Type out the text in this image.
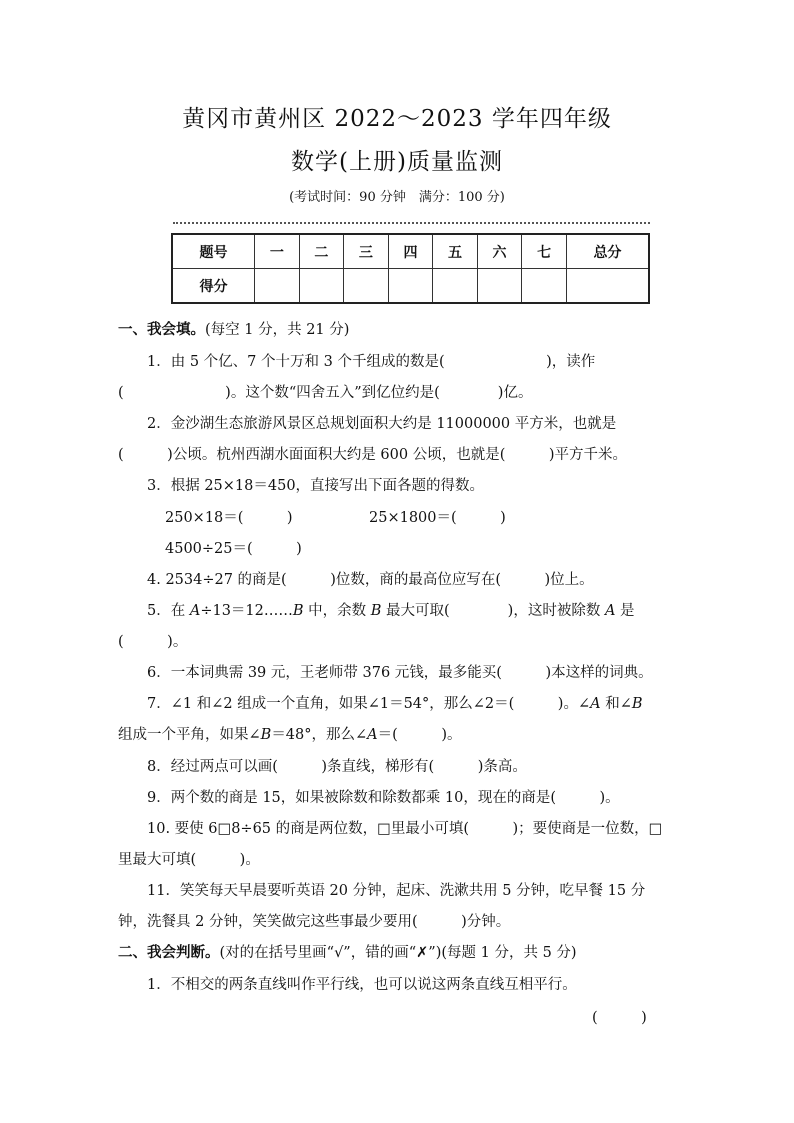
黄冈市黄州区 2022～2023 学年四年级
数学(上册)质量监测
(考试时间：90 分钟　满分：100 分)
题号	一	二	三	四	五	六	七	总分
得分								
一、我会填。(每空 1 分，共 21 分)
1．由 5 个亿、7 个十万和 3 个千组成的数是(　　　　　　　)，读作
(　　　　　　　)。这个数“四舍五入”到亿位约是(　　　　)亿。
2．金沙湖生态旅游风景区总规划面积大约是 11000000 平方米，也就是
(　　　)公顷。杭州西湖水面面积大约是 600 公顷，也就是(　　　)平方千米。
3．根据 25×18＝450，直接写出下面各题的得数。
250×18＝(　　　)	25×1800＝(　　　)
4500÷25＝(　　　)
4. 2534÷27 的商是(　　　)位数，商的最高位应写在(　　　)位上。
5．在 A÷13＝12……B 中，余数 B 最大可取(　　　　)，这时被除数 A 是
(　　　)。
6．一本词典需 39 元，王老师带 376 元钱，最多能买(　　　)本这样的词典。
7．∠1 和∠2 组成一个直角，如果∠1＝54°，那么∠2＝(　　　)。∠A 和∠B
组成一个平角，如果∠B＝48°，那么∠A＝(　　　)。
8．经过两点可以画(　　　)条直线，梯形有(　　　)条高。
9．两个数的商是 15，如果被除数和除数都乘 10，现在的商是(　　　)。
10. 要使 6□8÷65 的商是两位数，□里最小可填(　　　)；要使商是一位数，□
里最大可填(　　　)。
11．笑笑每天早晨要听英语 20 分钟，起床、洗漱共用 5 分钟，吃早餐 15 分
钟，洗餐具 2 分钟，笑笑做完这些事最少要用(　　　)分钟。
二、我会判断。(对的在括号里画“√”，错的画“✗”)(每题 1 分，共 5 分)
1．不相交的两条直线叫作平行线，也可以说这两条直线互相平行。
(　　　)
